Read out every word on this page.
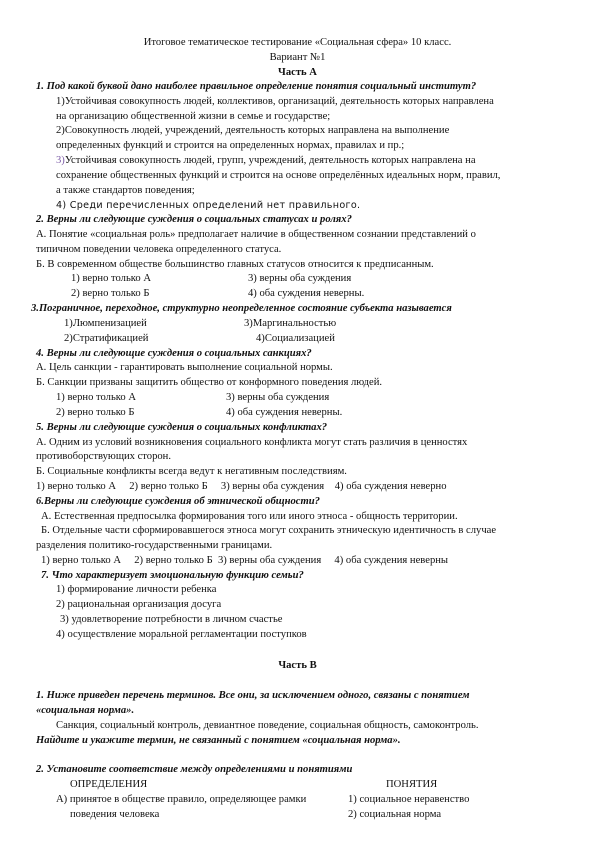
Итоговое тематическое тестирование «Социальная сфера» 10 класс.
Вариант №1
Часть А
1. Под какой буквой дано наиболее правильное определение понятия социальный институт?
1)Устойчивая совокупность людей, коллективов, организаций, деятельность которых направлена
на организацию общественной жизни в семье и государстве;
2)Совокупность людей, учреждений, деятельность которых направлена на выполнение
определенных функций и строится на определенных нормах, правилах и пр.;
3)Устойчивая совокупность людей, групп, учреждений, деятельность которых направлена на
сохранение общественных функций и строится на основе определённых идеальных норм, правил,
а также стандартов поведения;
4) Среди перечисленных определений нет правильного.
2. Верны ли следующие суждения о социальных статусах и ролях?
А. Понятие «социальная роль» предполагает наличие в общественном сознании представлений о
типичном поведении человека определенного статуса.
Б. В современном обществе большинство главных статусов относится к предписанным.
1) верно только А	3) верны оба суждения
2) верно только Б	4) оба суждения неверны.
3.Пограничное, переходное, структурно неопределенное состояние субъекта называется
1)Люмпенизацией	3)Маргинальностью
2)Стратификацией	4)Социализацией
4. Верны ли следующие суждения о социальных санкциях?
А. Цель санкции - гарантировать выполнение социальной нормы.
Б. Санкции призваны защитить общество от конформного поведения людей.
1) верно только А	3) верны оба суждения
2) верно только Б	4) оба суждения неверны.
5. Верны ли следующие суждения о социальных конфликтах?
А. Одним из условий возникновения социального конфликта могут стать различия в ценностях
противоборствующих сторон.
Б. Социальные конфликты всегда ведут к негативным последствиям.
1) верно только А     2) верно только Б     3) верны оба суждения    4) оба суждения неверно
6.Верны ли следующие суждения об этнической общности?
А. Естественная предпосылка формирования того или иного этноса - общность территории.
Б. Отдельные части сформировавшегося этноса могут сохранить этническую идентичность в случае
разделения политико-государственными границами.
1) верно только А     2) верно только Б  3) верны оба суждения     4) оба суждения неверны
7. Что характеризует эмоциональную функцию семьи?
1) формирование личности ребенка
2) рациональная организация досуга
3) удовлетворение потребности в личном счастье
4) осуществление моральной регламентации поступков
Часть В
1. Ниже приведен перечень терминов. Все они, за исключением одного, связаны с понятием
«социальная норма».
Санкция, социальный контроль, девиантное поведение, социальная общность, самоконтроль.
Найдите и укажите термин, не связанный с понятием «социальная норма».
2. Установите соответствие между определениями и понятиями
ОПРЕДЕЛЕНИЯ	ПОНЯТИЯ
А) принятое в обществе правило, определяющее рамки	1) социальное неравенство
поведения человека	2) социальная норма
